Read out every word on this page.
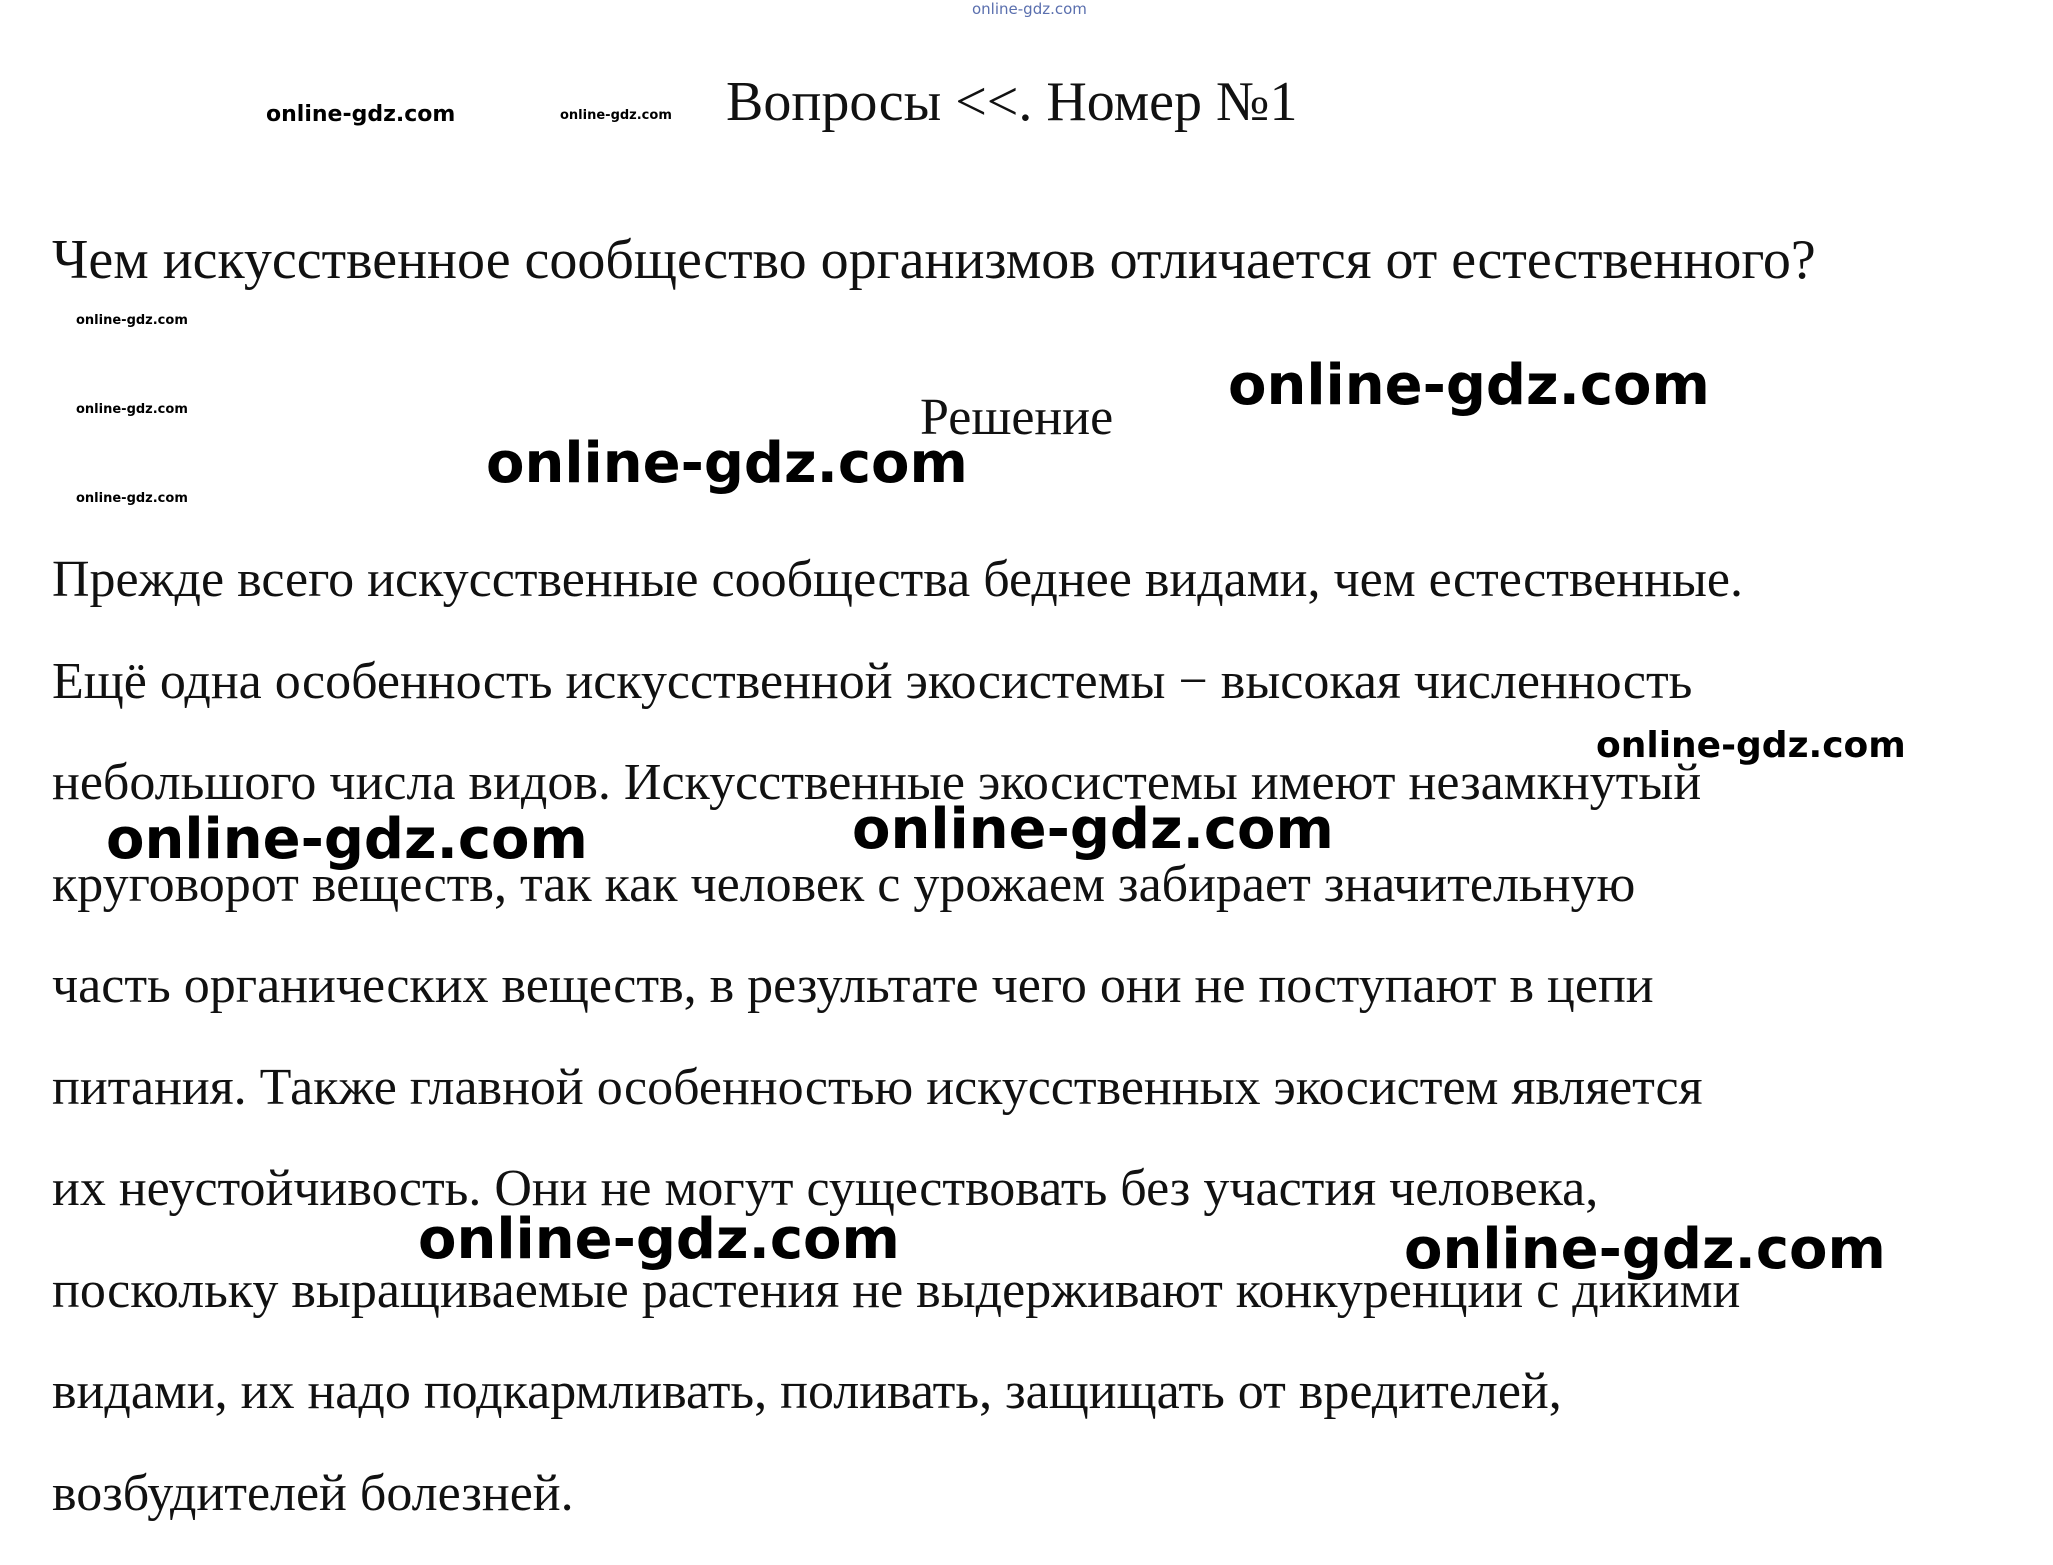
online-gdz.com
online-gdz.com	online-gdz.com Вопросы <<. Номер №1
Чем искусственное сообщество организмов отличается от естественного?
online-gdz.com
online-gdz.com
online-gdz.com
Решение online-gdz.com
online-gdz.com
Прежде всего искусственные сообщества беднее видами, чем естественные.
Ещё одна особенность искусственной экосистемы − высокая численность
небольшого числа видов. Искусственные экосистемы имеют незамкнутый
круговорот веществ, так как человек с урожаем забирает значительную
часть органических веществ, в результате чего они не поступают в цепи
питания. Также главной особенностью искусственных экосистем является
их неустойчивость. Они не могут существовать без участия человека,
поскольку выращиваемые растения не выдерживают конкуренции с дикими
видами, их надо подкармливать, поливать, защищать от вредителей,
возбудителей болезней.
online-gdz.com
online-gdz.com	online-gdz.com
online-gdz.com	online-gdz.com
